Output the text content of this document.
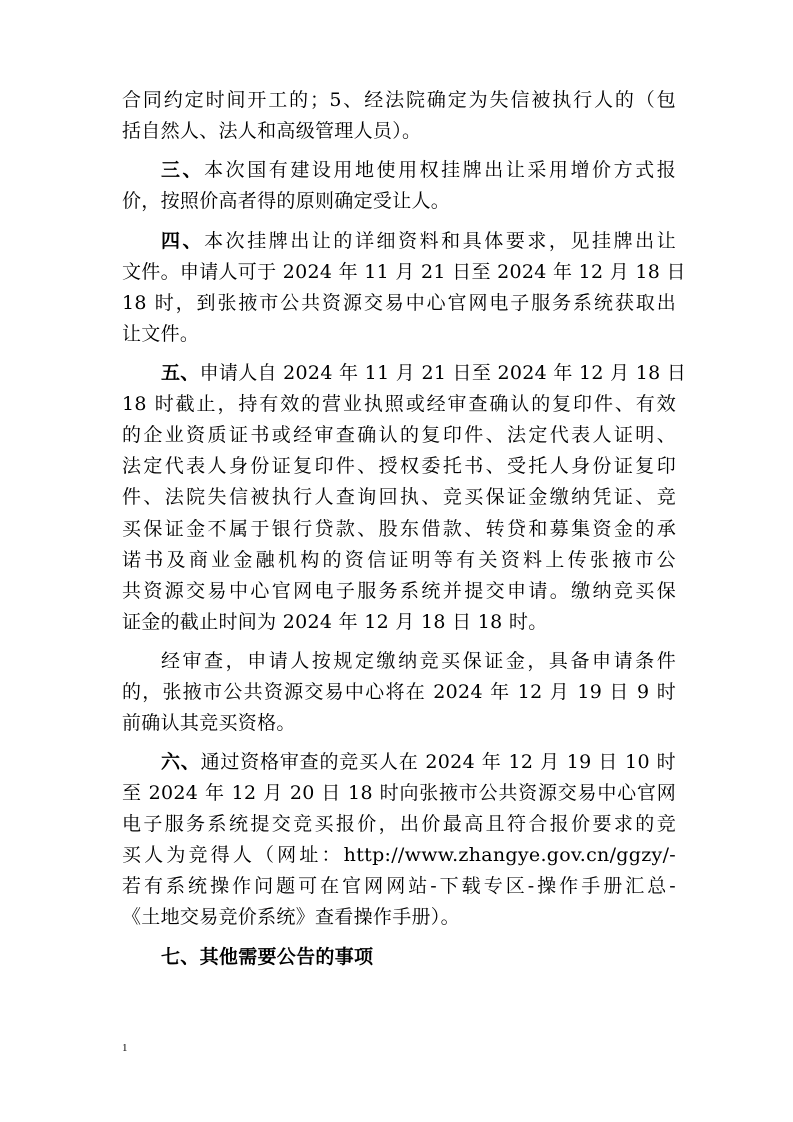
合同约定时间开工的；5、经法院确定为失信被执行人的（包
括自然人、法人和高级管理人员）。
三、本次国有建设用地使用权挂牌出让采用增价方式报
价，按照价高者得的原则确定受让人。
四、本次挂牌出让的详细资料和具体要求，见挂牌出让
文件。申请人可于 2024 年 11 月 21 日至 2024 年 12 月 18 日
18 时，到张掖市公共资源交易中心官网电子服务系统获取出
让文件。
五、申请人自 2024 年 11 月 21 日至 2024 年 12 月 18 日
18 时截止，持有效的营业执照或经审查确认的复印件、有效
的企业资质证书或经审查确认的复印件、法定代表人证明、
法定代表人身份证复印件、授权委托书、受托人身份证复印
件、法院失信被执行人查询回执、竞买保证金缴纳凭证、竞
买保证金不属于银行贷款、股东借款、转贷和募集资金的承
诺书及商业金融机构的资信证明等有关资料上传张掖市公
共资源交易中心官网电子服务系统并提交申请。缴纳竞买保
证金的截止时间为 2024 年 12 月 18 日 18 时。
经审查，申请人按规定缴纳竞买保证金，具备申请条件
的，张掖市公共资源交易中心将在 2024 年 12 月 19 日 9 时
前确认其竞买资格。
六、通过资格审查的竞买人在 2024 年 12 月 19 日 10 时
至 2024 年 12 月 20 日 18 时向张掖市公共资源交易中心官网
电子服务系统提交竞买报价，出价最高且符合报价要求的竞
买人为竞得人（网址：http://www.zhangye.gov.cn/ggzy/-
若有系统操作问题可在官网网站-下载专区-操作手册汇总-
《土地交易竞价系统》查看操作手册）。
七、其他需要公告的事项
1
